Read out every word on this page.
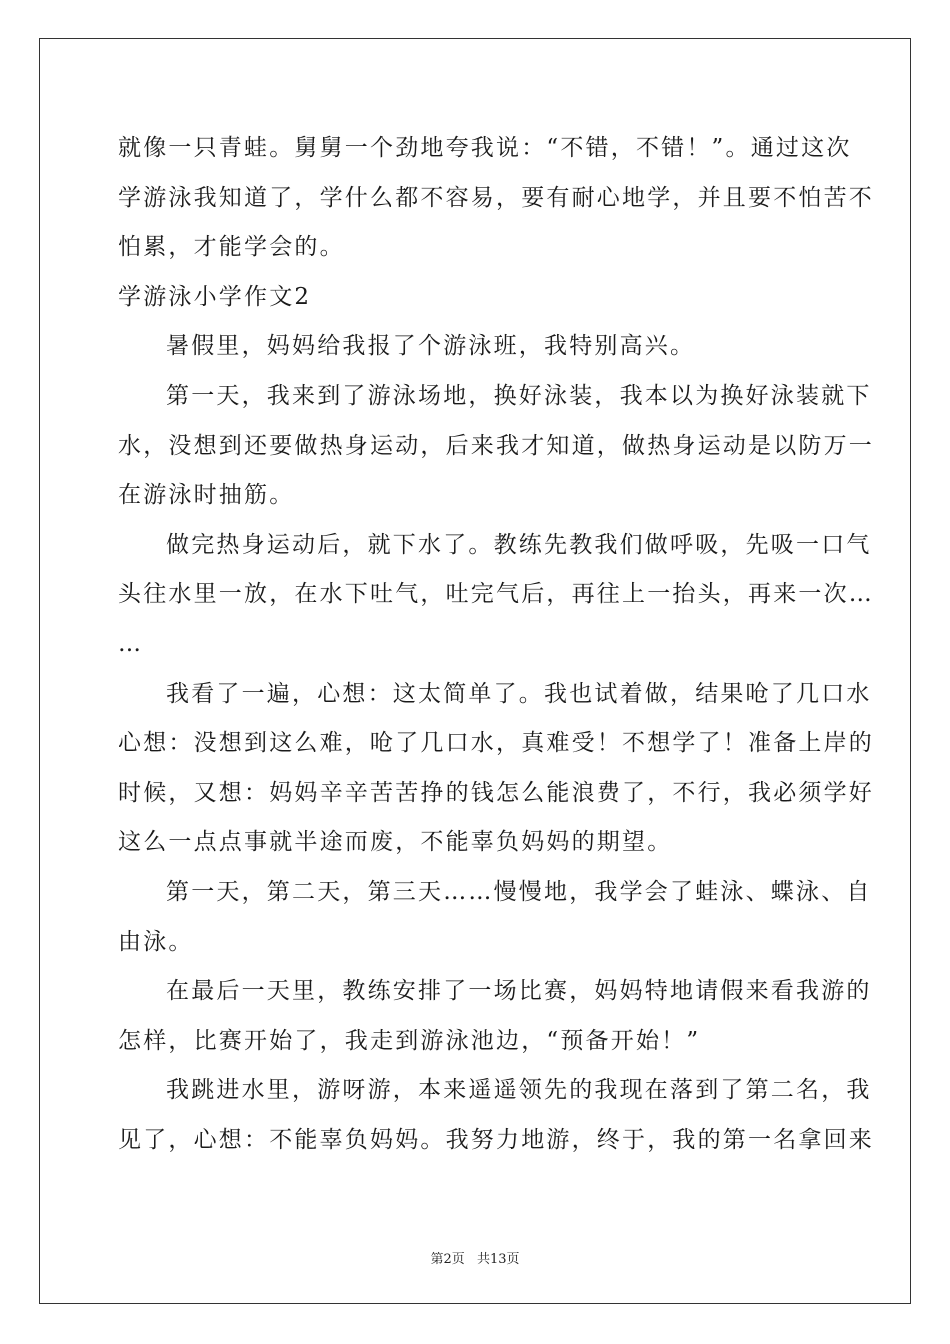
就像一只青蛙。舅舅一个劲地夸我说：“不错，不错！”。通过这次
学游泳我知道了，学什么都不容易，要有耐心地学，并且要不怕苦不
怕累，才能学会的。
学游泳小学作文2
暑假里，妈妈给我报了个游泳班，我特别高兴。
第一天，我来到了游泳场地，换好泳装，我本以为换好泳装就下
水，没想到还要做热身运动，后来我才知道，做热身运动是以防万一
在游泳时抽筋。
做完热身运动后，就下水了。教练先教我们做呼吸，先吸一口气
头往水里一放，在水下吐气，吐完气后，再往上一抬头，再来一次…
…
我看了一遍，心想：这太简单了。我也试着做，结果呛了几口水
心想：没想到这么难，呛了几口水，真难受！不想学了！准备上岸的
时候，又想：妈妈辛辛苦苦挣的钱怎么能浪费了，不行，我必须学好
这么一点点事就半途而废，不能辜负妈妈的期望。
第一天，第二天，第三天……慢慢地，我学会了蛙泳、蝶泳、自
由泳。
在最后一天里，教练安排了一场比赛，妈妈特地请假来看我游的
怎样，比赛开始了，我走到游泳池边，“预备开始！”
我跳进水里，游呀游，本来遥遥领先的我现在落到了第二名，我
见了，心想：不能辜负妈妈。我努力地游，终于，我的第一名拿回来
第2页 共13页
